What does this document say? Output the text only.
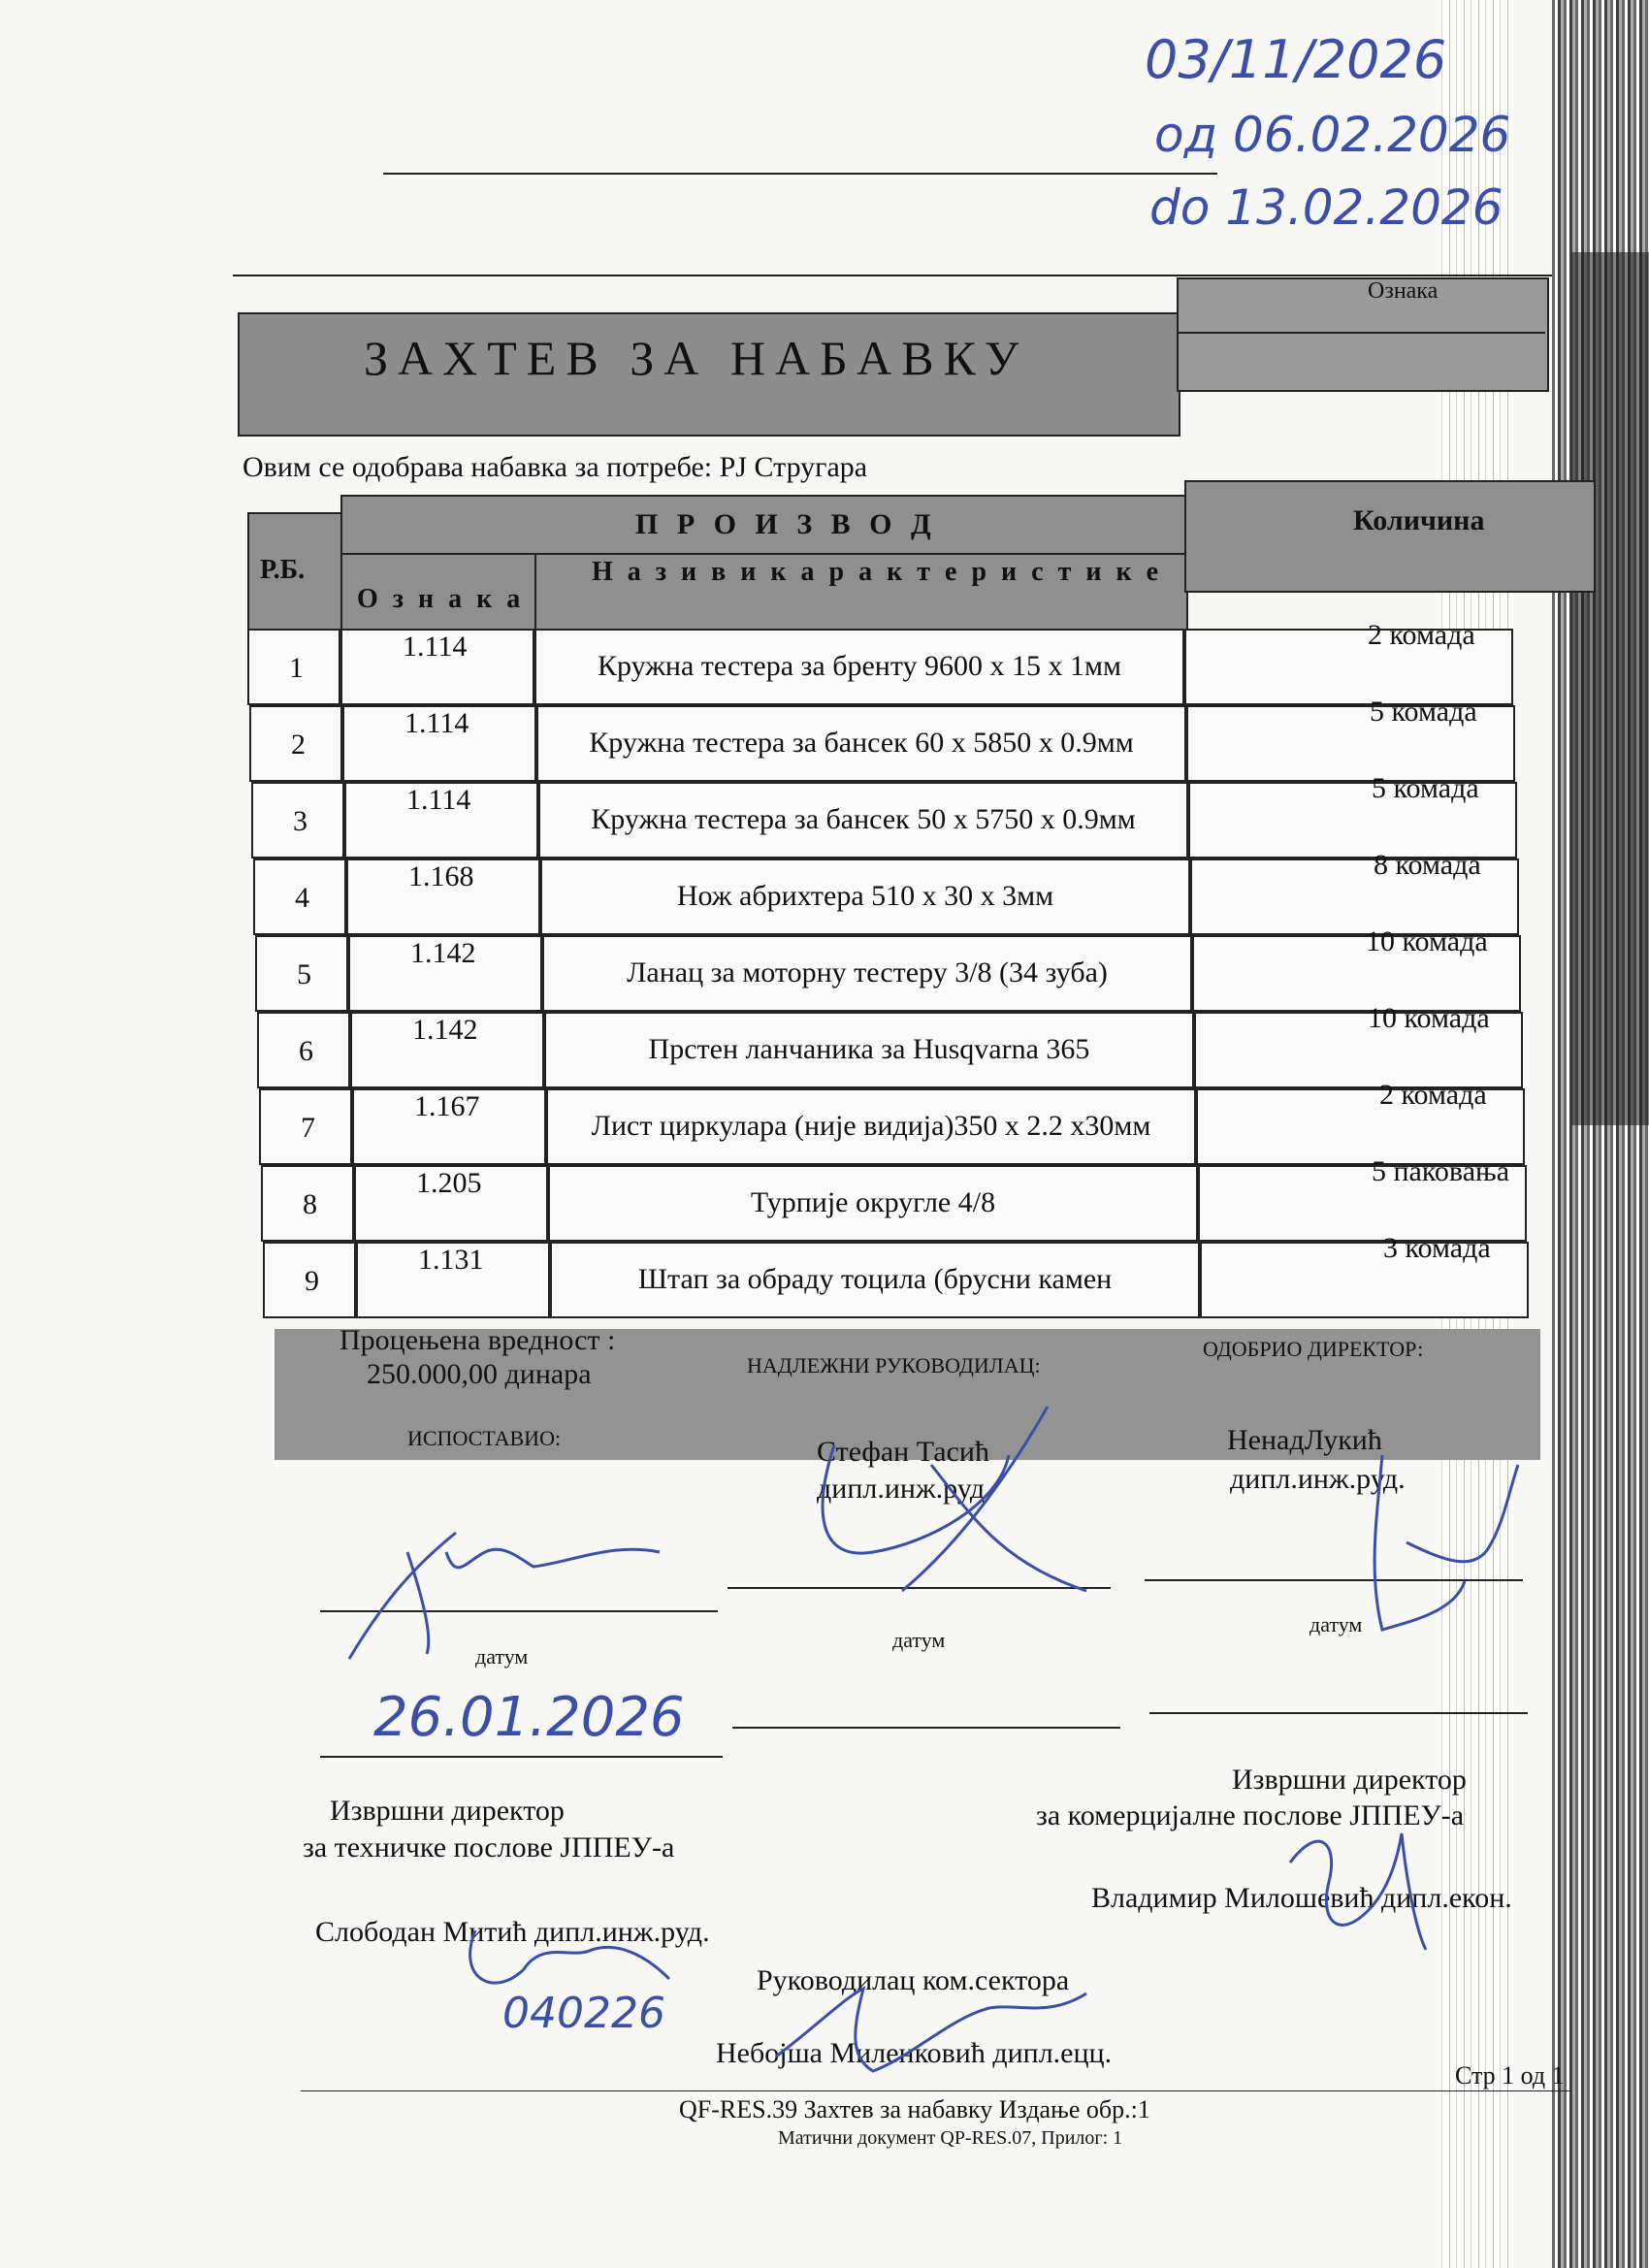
03/11/2026
од 06.02.2026
do 13.02.2026
ЗАХТЕВ ЗА НАБАВКУ
Ознака
Овим се одобрава набавка за потребе: PJ Стругара
Р.Б.
П Р О И З В О Д
О з н а к а
Н а з и в и к а р а к т е р и с т и к е
Количина
1
1.114
Кружна тестера за бренту 9600 х 15 х 1мм
2 комада
2
1.114
Кружна тестера за бансек 60 х 5850 х 0.9мм
5 комада
3
1.114
Кружна тестера за бансек 50 х 5750 х 0.9мм
5 комада
4
1.168
Нож абрихтера 510 х 30 х 3мм
8 комада
5
1.142
Ланац за моторну тестеру 3/8 (34 зуба)
10 комада
6
1.142
Прстен ланчаника за Husqvarna 365
10 комада
7
1.167
Лист циркулара (није видија)350 х 2.2 х30мм
2 комада
8
1.205
Турпије округле 4/8
5 паковања
9
1.131
Штап за обраду тоцила (брусни камен
3 комада
Процењена вредност :
250.000,00 динара	НАДЛЕЖНИ РУКОВОДИЛАЦ:
ОДОБРИО ДИРЕКТОР:
ИСПОСТАВИО:	Стефан Тасић
дипл.инж.руд
НенадЛукић
дипл.инж.руд.
датум
датум
датум
26.01.2026
Извршни директор
за техничке послове ЈППЕУ-а
Слободан Митић дипл.инж.руд.
Извршни директор
за комерцијалне послове ЈППЕУ-а
Владимир Милошевић дипл.екон.
Руководилац ком.сектора
Небојша Миленковић дипл.ецц.
040226
Стр 1 од 1
QF-RES.39 Захтев за набавку Издање обр.:1
Матични документ QP-RES.07, Прилог: 1
